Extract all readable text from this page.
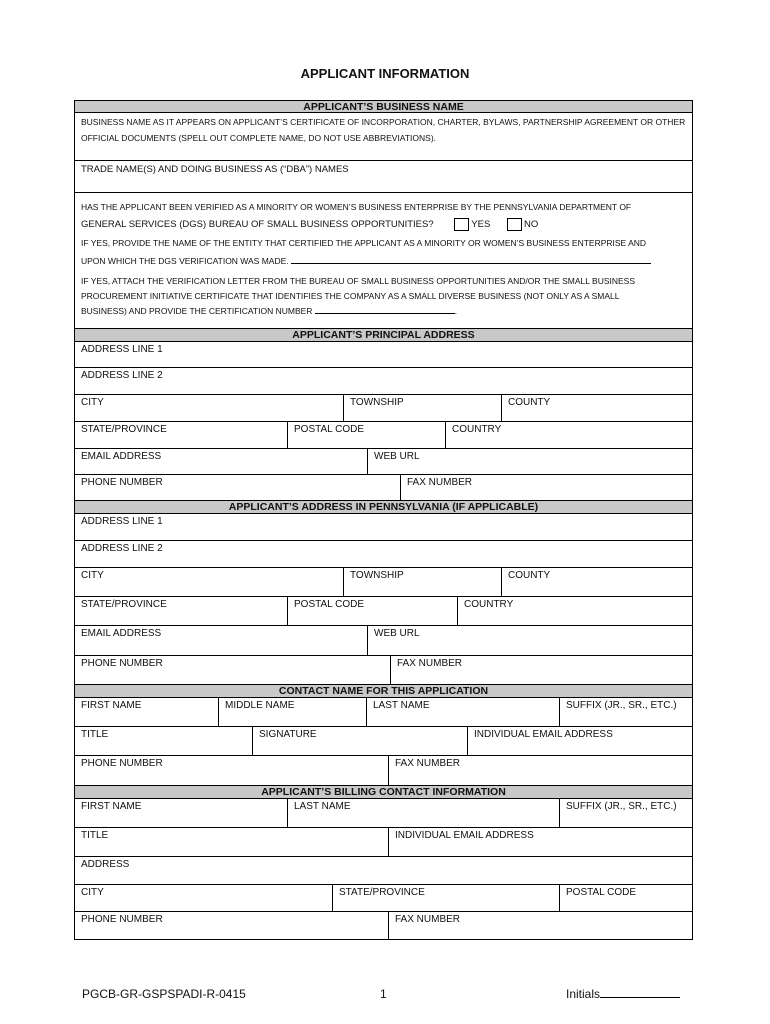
APPLICANT INFORMATION
APPLICANT’S BUSINESS NAME
BUSINESS NAME AS IT APPEARS ON APPLICANT’S CERTIFICATE OF INCORPORATION, CHARTER, BYLAWS, PARTNERSHIP AGREEMENT OR OTHER
OFFICIAL DOCUMENTS (SPELL OUT COMPLETE NAME, DO NOT USE ABBREVIATIONS).
TRADE NAME(S) AND DOING BUSINESS AS (“DBA”) NAMES
HAS THE APPLICANT BEEN VERIFIED AS A MINORITY OR WOMEN’S BUSINESS ENTERPRISE BY THE PENNSYLVANIA DEPARTMENT OF
GENERAL SERVICES (DGS) BUREAU OF SMALL BUSINESS OPPORTUNITIES?	YES	NO
IF YES, PROVIDE THE NAME OF THE ENTITY THAT CERTIFIED THE APPLICANT AS A MINORITY OR WOMEN’S BUSINESS ENTERPRISE AND
UPON WHICH THE DGS VERIFICATION WAS MADE.
IF YES, ATTACH THE VERIFICATION LETTER FROM THE BUREAU OF SMALL BUSINESS OPPORTUNITIES AND/OR THE SMALL BUSINESS
PROCUREMENT INITIATIVE CERTIFICATE THAT IDENTIFIES THE COMPANY AS A SMALL DIVERSE BUSINESS (NOT ONLY AS A SMALL
BUSINESS) AND PROVIDE THE CERTIFICATION NUMBER	.
APPLICANT’S PRINCIPAL ADDRESS
ADDRESS LINE 1
ADDRESS LINE 2
CITY	TOWNSHIP	COUNTY
STATE/PROVINCE	POSTAL CODE	COUNTRY
EMAIL ADDRESS	WEB URL
PHONE NUMBER	FAX NUMBER
APPLICANT’S ADDRESS IN PENNSYLVANIA (IF APPLICABLE)
ADDRESS LINE 1
ADDRESS LINE 2
CITY	TOWNSHIP	COUNTY
STATE/PROVINCE	POSTAL CODE	COUNTRY
EMAIL ADDRESS	WEB URL
PHONE NUMBER	FAX NUMBER
CONTACT NAME FOR THIS APPLICATION
FIRST NAME	MIDDLE NAME	LAST NAME	SUFFIX (JR., SR., ETC.)
TITLE	SIGNATURE	INDIVIDUAL EMAIL ADDRESS
PHONE NUMBER	FAX NUMBER
APPLICANT’S BILLING CONTACT INFORMATION
FIRST NAME	LAST NAME	SUFFIX (JR., SR., ETC.)
TITLE	INDIVIDUAL EMAIL ADDRESS
ADDRESS
CITY	STATE/PROVINCE	POSTAL CODE
PHONE NUMBER	FAX NUMBER
PGCB-GR-GSPSPADI-R-0415	1	Initials
